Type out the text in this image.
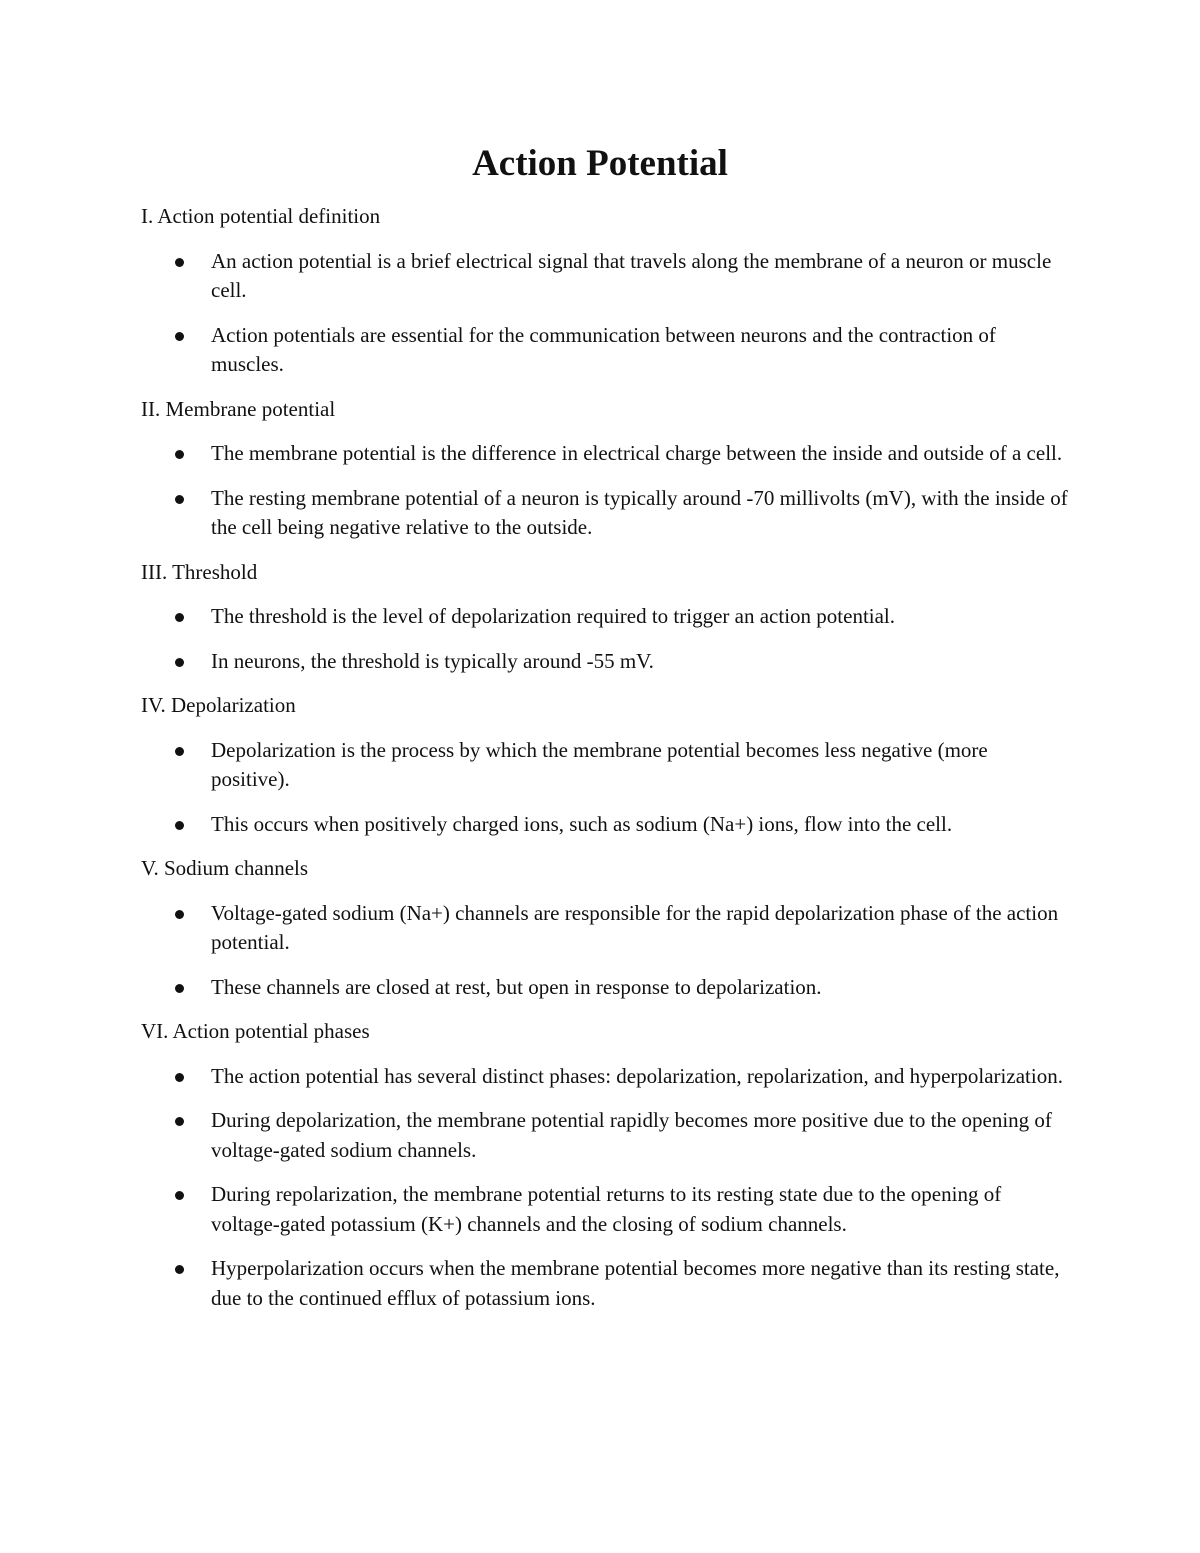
Action Potential

I. Action potential definition

An action potential is a brief electrical signal that travels along the membrane of a neuron or muscle cell.
Action potentials are essential for the communication between neurons and the contraction of muscles.

II. Membrane potential

The membrane potential is the difference in electrical charge between the inside and outside of a cell.
The resting membrane potential of a neuron is typically around -70 millivolts (mV), with the inside of the cell being negative relative to the outside.

III. Threshold

The threshold is the level of depolarization required to trigger an action potential.
In neurons, the threshold is typically around -55 mV.

IV. Depolarization

Depolarization is the process by which the membrane potential becomes less negative (more positive).
This occurs when positively charged ions, such as sodium (Na+) ions, flow into the cell.

V. Sodium channels

Voltage-gated sodium (Na+) channels are responsible for the rapid depolarization phase of the action potential.
These channels are closed at rest, but open in response to depolarization.

VI. Action potential phases

The action potential has several distinct phases: depolarization, repolarization, and hyperpolarization.
During depolarization, the membrane potential rapidly becomes more positive due to the opening of voltage-gated sodium channels.
During repolarization, the membrane potential returns to its resting state due to the opening of voltage-gated potassium (K+) channels and the closing of sodium channels.
Hyperpolarization occurs when the membrane potential becomes more negative than its resting state, due to the continued efflux of potassium ions.
